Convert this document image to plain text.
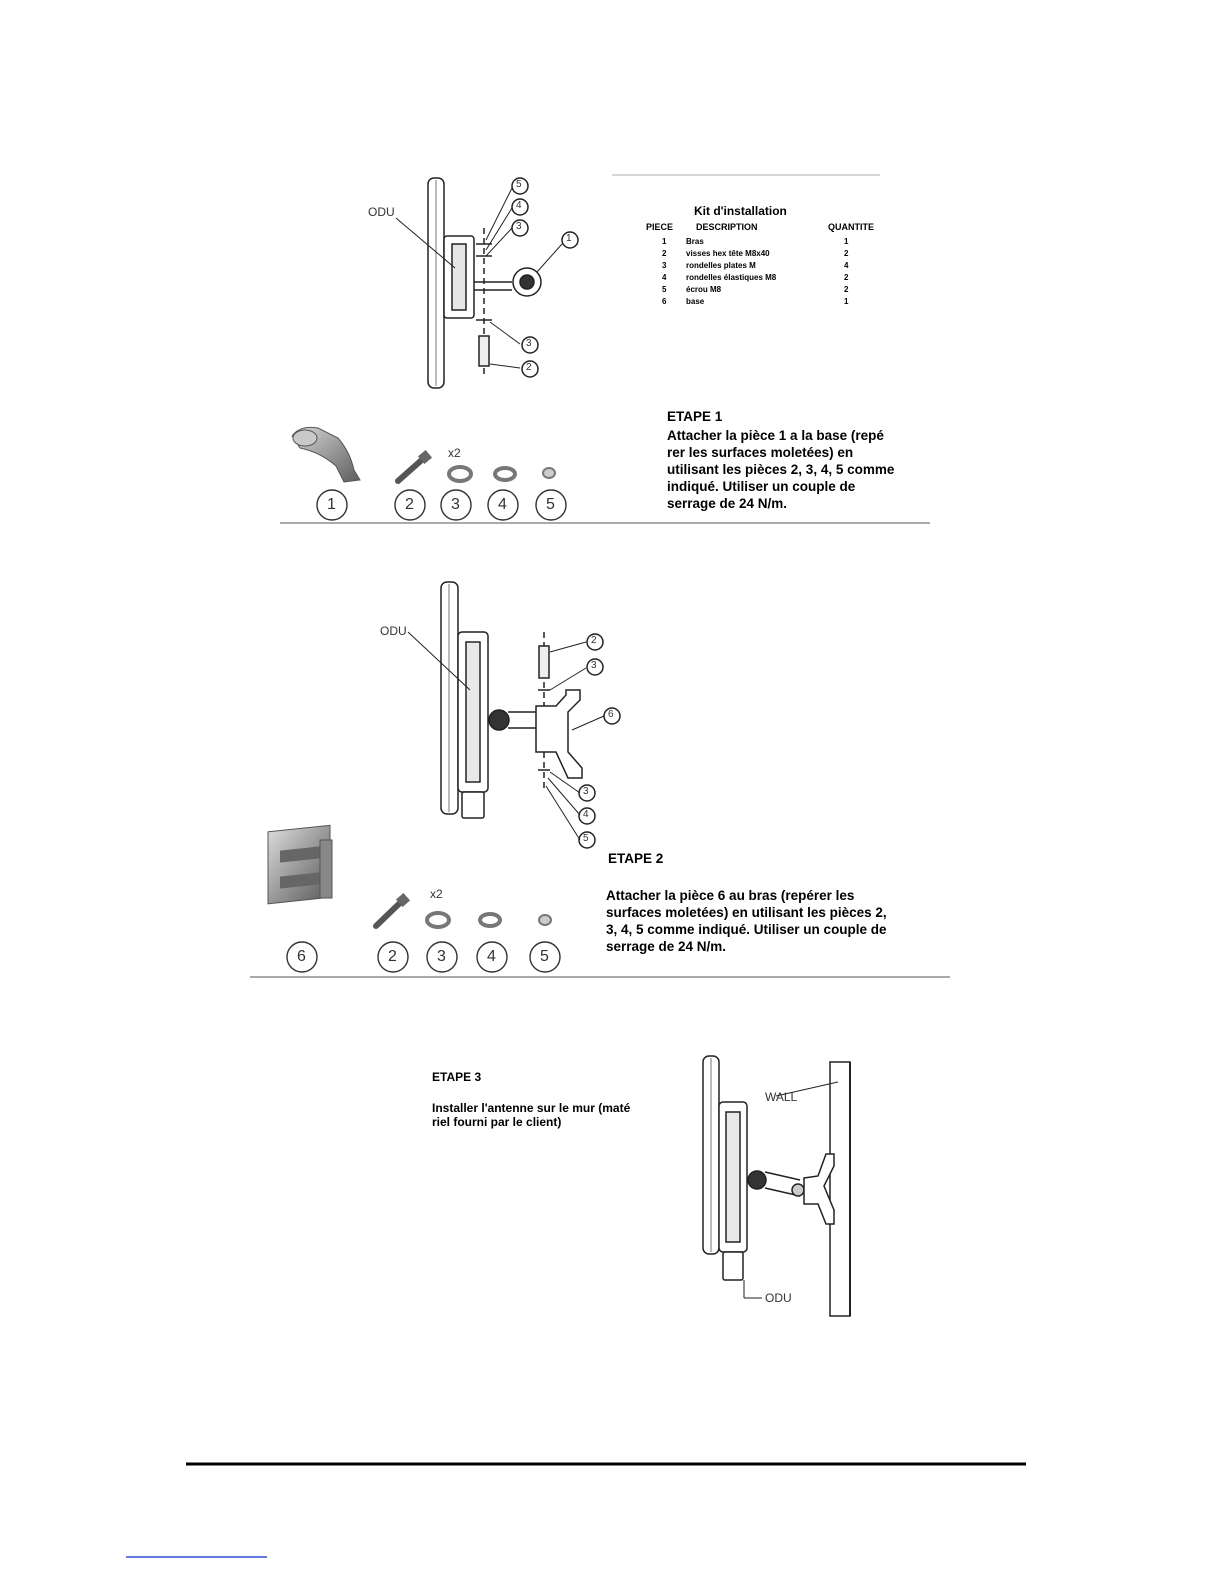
Kit d'installation
PIECE	DESCRIPTION	QUANTITE
1 Bras	1
2 visses hex tête M8x40	2
3 rondelles plates M	4
4 rondelles élastiques M8	2
5 écrou M8	2
6 base	1
ETAPE 1
Attacher la pièce 1 a la base (repé
rer les surfaces moletées) en
utilisant les pièces 2, 3, 4, 5 comme
indiqué. Utiliser un couple de
serrage de 24 N/m.
ETAPE 2
Attacher la pièce 6 au bras (repérer les
surfaces moletées) en utilisant les pièces 2,
3, 4, 5 comme indiqué. Utiliser un couple de
serrage de 24 N/m.
ETAPE 3
Installer l'antenne sur le mur (maté
riel fourni par le client)
ODU
5
4
3
1
3
2
x2
1	2 3 4 5
ODU
2
3
6
3
4
5
x2
6	2	3	4	5
WALL
ODU
